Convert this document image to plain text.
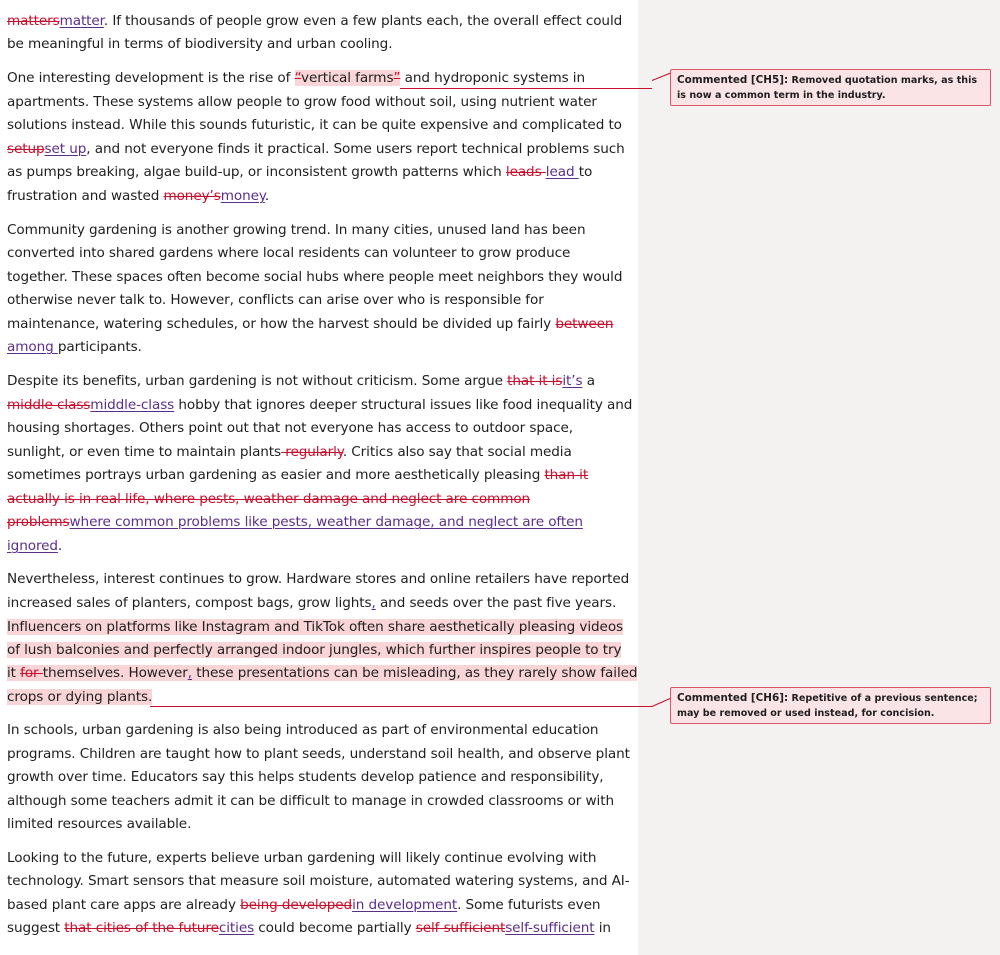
mattersmatter. If thousands of people grow even a few plants each, the overall effect could
be meaningful in terms of biodiversity and urban cooling.
One interesting development is the rise of “vertical farms” and hydroponic systems in
apartments. These systems allow people to grow food without soil, using nutrient water
solutions instead. While this sounds futuristic, it can be quite expensive and complicated to
setupset up, and not everyone finds it practical. Some users report technical problems such
as pumps breaking, algae build-up, or inconsistent growth patterns which leads lead to
frustration and wasted money’smoney.
Community gardening is another growing trend. In many cities, unused land has been
converted into shared gardens where local residents can volunteer to grow produce
together. These spaces often become social hubs where people meet neighbors they would
otherwise never talk to. However, conflicts can arise over who is responsible for
maintenance, watering schedules, or how the harvest should be divided up fairly between
among participants.
Despite its benefits, urban gardening is not without criticism. Some argue that it isit’s a
middle classmiddle-class hobby that ignores deeper structural issues like food inequality and
housing shortages. Others point out that not everyone has access to outdoor space,
sunlight, or even time to maintain plants regularly. Critics also say that social media
sometimes portrays urban gardening as easier and more aesthetically pleasing than it
actually is in real life, where pests, weather damage and neglect are common
problemswhere common problems like pests, weather damage, and neglect are often
ignored.
Nevertheless, interest continues to grow. Hardware stores and online retailers have reported
increased sales of planters, compost bags, grow lights, and seeds over the past five years.
Influencers on platforms like Instagram and TikTok often share aesthetically pleasing videos
of lush balconies and perfectly arranged indoor jungles, which further inspires people to try
it for themselves. However, these presentations can be misleading, as they rarely show failed
crops or dying plants.
In schools, urban gardening is also being introduced as part of environmental education
programs. Children are taught how to plant seeds, understand soil health, and observe plant
growth over time. Educators say this helps students develop patience and responsibility,
although some teachers admit it can be difficult to manage in crowded classrooms or with
limited resources available.
Looking to the future, experts believe urban gardening will likely continue evolving with
technology. Smart sensors that measure soil moisture, automated watering systems, and AI-
based plant care apps are already being developedin development. Some futurists even
suggest that cities of the futurecities could become partially self sufficientself-sufficient in
Commented [CH5]: Removed quotation marks, as this is now a common term in the industry.
Commented [CH6]: Repetitive of a previous sentence; may be removed or used instead, for concision.
